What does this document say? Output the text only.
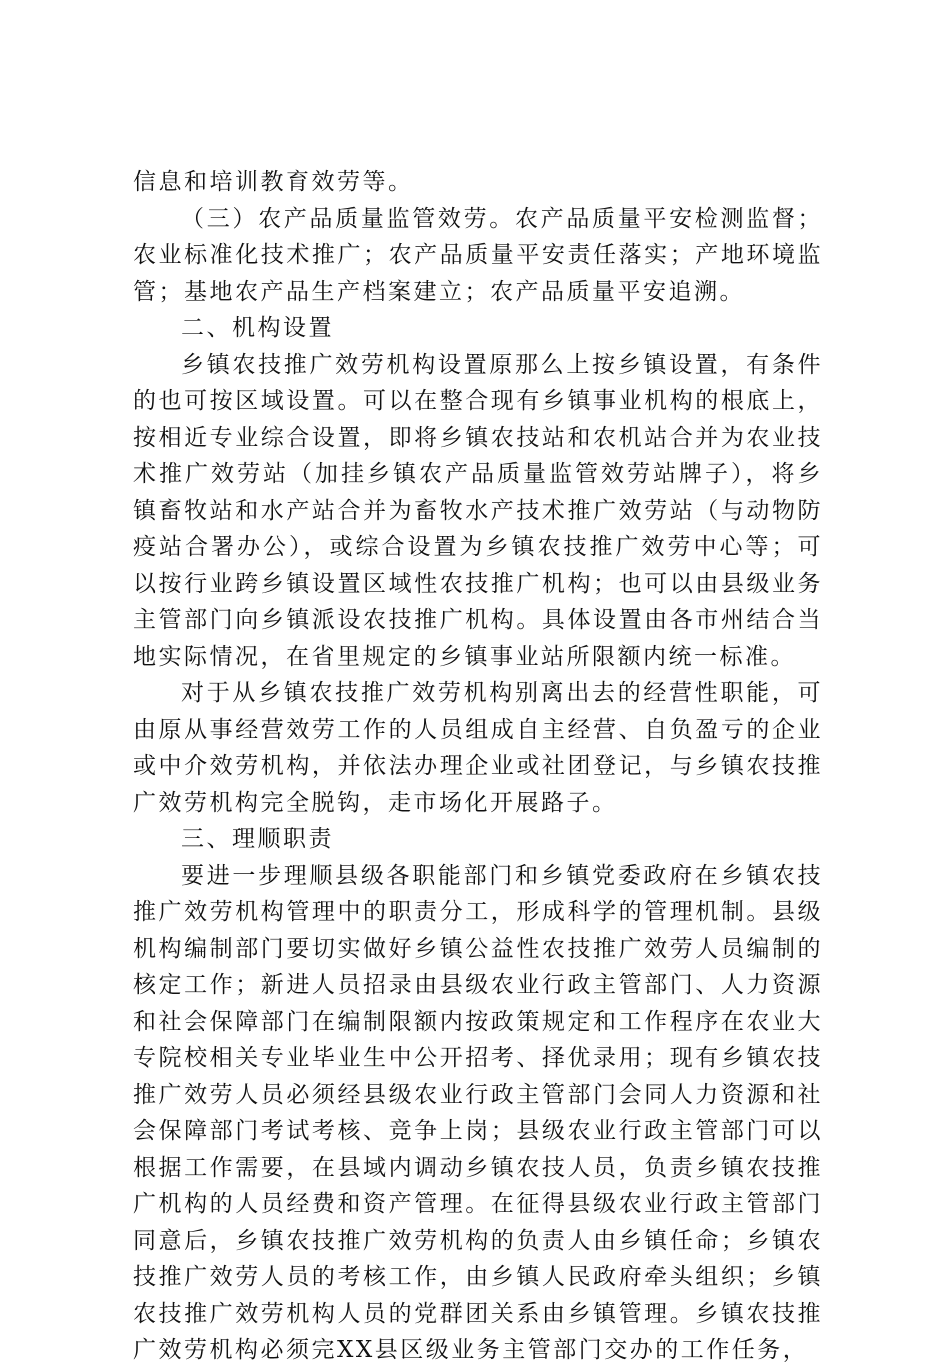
信息和培训教育效劳等。

（三）农产品质量监管效劳。农产品质量平安检测监督；农业标准化技术推广；农产品质量平安责任落实；产地环境监管；基地农产品生产档案建立；农产品质量平安追溯。

二、机构设置

乡镇农技推广效劳机构设置原那么上按乡镇设置，有条件的也可按区域设置。可以在整合现有乡镇事业机构的根底上，按相近专业综合设置，即将乡镇农技站和农机站合并为农业技术推广效劳站（加挂乡镇农产品质量监管效劳站牌子），将乡镇畜牧站和水产站合并为畜牧水产技术推广效劳站（与动物防疫站合署办公），或综合设置为乡镇农技推广效劳中心等；可以按行业跨乡镇设置区域性农技推广机构；也可以由县级业务主管部门向乡镇派设农技推广机构。具体设置由各市州结合当地实际情况，在省里规定的乡镇事业站所限额内统一标准。

对于从乡镇农技推广效劳机构别离出去的经营性职能，可由原从事经营效劳工作的人员组成自主经营、自负盈亏的企业或中介效劳机构，并依法办理企业或社团登记，与乡镇农技推广效劳机构完全脱钩，走市场化开展路子。

三、理顺职责

要进一步理顺县级各职能部门和乡镇党委政府在乡镇农技推广效劳机构管理中的职责分工，形成科学的管理机制。县级机构编制部门要切实做好乡镇公益性农技推广效劳人员编制的核定工作；新进人员招录由县级农业行政主管部门、人力资源和社会保障部门在编制限额内按政策规定和工作程序在农业大专院校相关专业毕业生中公开招考、择优录用；现有乡镇农技推广效劳人员必须经县级农业行政主管部门会同人力资源和社会保障部门考试考核、竞争上岗；县级农业行政主管部门可以根据工作需要，在县域内调动乡镇农技人员，负责乡镇农技推广机构的人员经费和资产管理。在征得县级农业行政主管部门同意后，乡镇农技推广效劳机构的负责人由乡镇任命；乡镇农技推广效劳人员的考核工作，由乡镇人民政府牵头组织；乡镇农技推广效劳机构人员的党群团关系由乡镇管理。乡镇农技推广效劳机构必须完XX县区级业务主管部门交办的工作任务，
